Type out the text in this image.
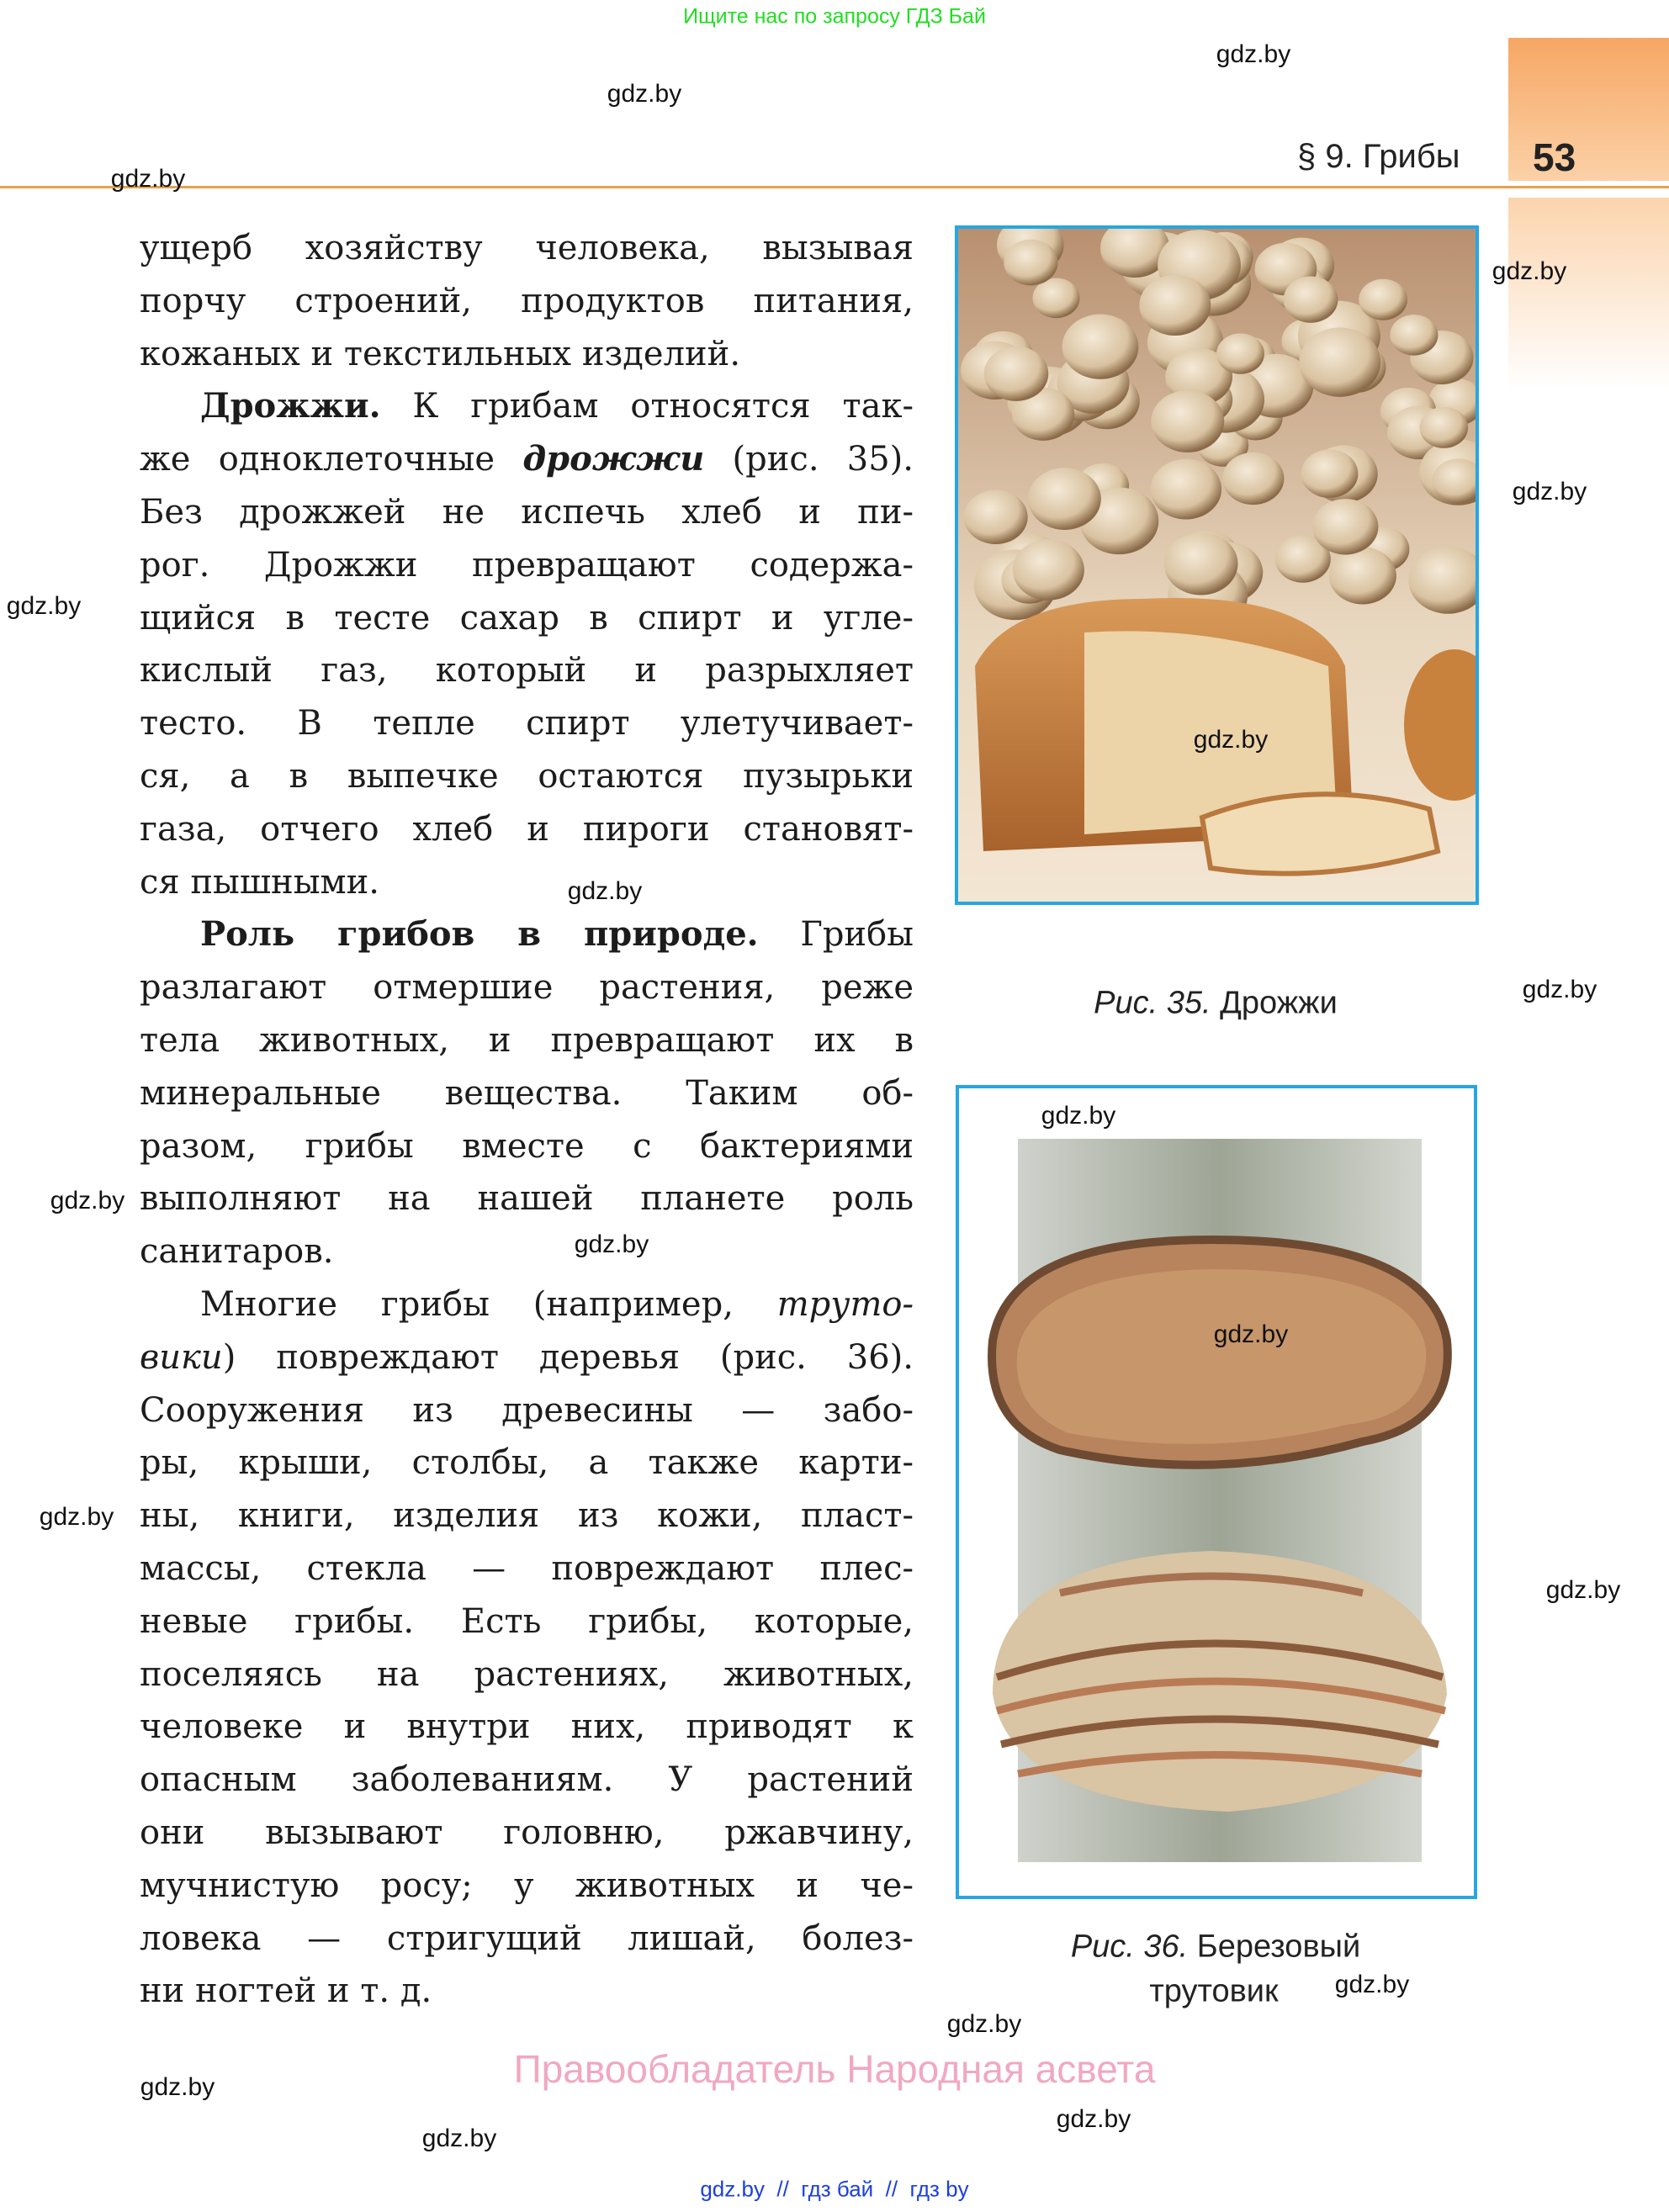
Ищите нас по запросу ГДЗ Бай
§ 9. Грибы 53
ущерб хозяйству человека, вызывая
порчу строений, продуктов питания,
кожаных и текстильных изделий.
Дрожжи. К грибам относятся так-
же одноклеточные дрожжи (рис. 35).
Без дрожжей не испечь хлеб и пи-
рог. Дрожжи превращают содержа-
щийся в тесте сахар в спирт и угле-
кислый газ, который и разрыхляет
тесто. В тепле спирт улетучивает-
ся, а в выпечке остаются пузырьки
газа, отчего хлеб и пироги становят-
ся пышными.
Роль грибов в природе. Грибы
разлагают отмершие растения, реже
тела животных, и превращают их в
минеральные вещества. Таким об-
разом, грибы вместе с бактериями
выполняют на нашей планете роль
санитаров.
Многие грибы (например, труто-
вики) повреждают деревья (рис. 36).
Сооружения из древесины — забо-
ры, крыши, столбы, а также карти-
ны, книги, изделия из кожи, пласт-
массы, стекла — повреждают плес-
невые грибы. Есть грибы, которые,
поселяясь на растениях, животных,
человеке и внутри них, приводят к
опасным заболеваниям. У растений
они вызывают головню, ржавчину,
мучнистую росу; у животных и че-
ловека — стригущий лишай, болез-
ни ногтей и т. д.
Рис. 35. Дрожжи
Рис. 36. Березовый
трутовик
gdz.by
gdz.by
gdz.by
gdz.by
gdz.by
gdz.by
gdz.by
gdz.by
gdz.by
gdz.by
gdz.by
gdz.by
gdz.by
gdz.by
gdz.by
gdz.by
gdz.by
gdz.by
gdz.by
gdz.by
Правообладатель Народная асвета
gdz.by  //  гдз бай  //  гдз by
